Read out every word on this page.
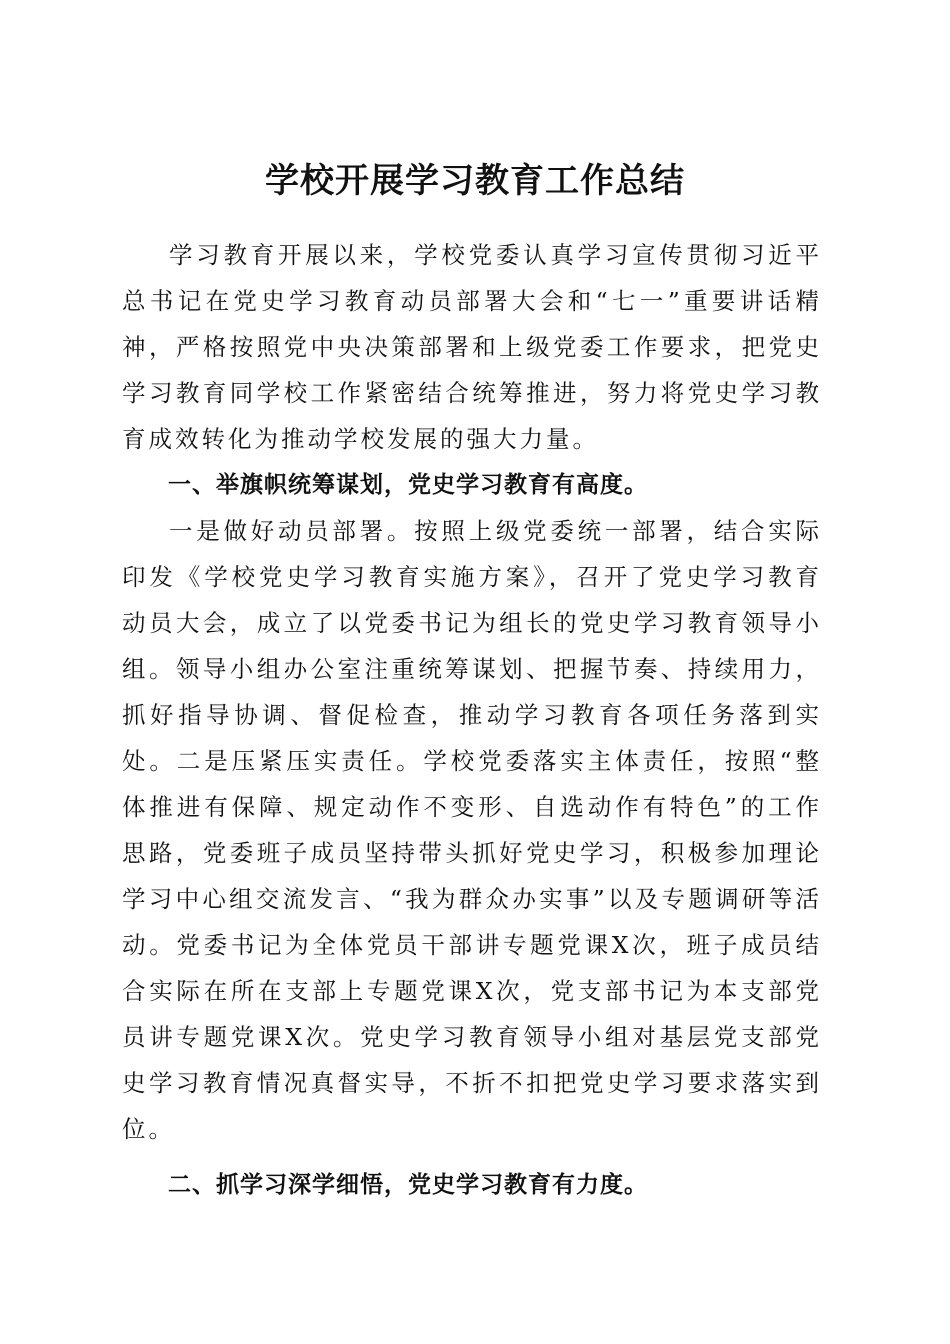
学校开展学习教育工作总结

学习教育开展以来，学校党委认真学习宣传贯彻习近平总书记在党史学习教育动员部署大会和“七一”重要讲话精神，严格按照党中央决策部署和上级党委工作要求，把党史学习教育同学校工作紧密结合统筹推进，努力将党史学习教育成效转化为推动学校发展的强大力量。

一、举旗帜统筹谋划，党史学习教育有高度。

一是做好动员部署。按照上级党委统一部署，结合实际印发《学校党史学习教育实施方案》，召开了党史学习教育动员大会，成立了以党委书记为组长的党史学习教育领导小组。领导小组办公室注重统筹谋划、把握节奏、持续用力，抓好指导协调、督促检查，推动学习教育各项任务落到实处。二是压紧压实责任。学校党委落实主体责任，按照“整体推进有保障、规定动作不变形、自选动作有特色”的工作思路，党委班子成员坚持带头抓好党史学习，积极参加理论学习中心组交流发言、“我为群众办实事”以及专题调研等活动。党委书记为全体党员干部讲专题党课X次，班子成员结合实际在所在支部上专题党课X次，党支部书记为本支部党员讲专题党课X次。党史学习教育领导小组对基层党支部党史学习教育情况真督实导，不折不扣把党史学习要求落实到位。

二、抓学习深学细悟，党史学习教育有力度。
